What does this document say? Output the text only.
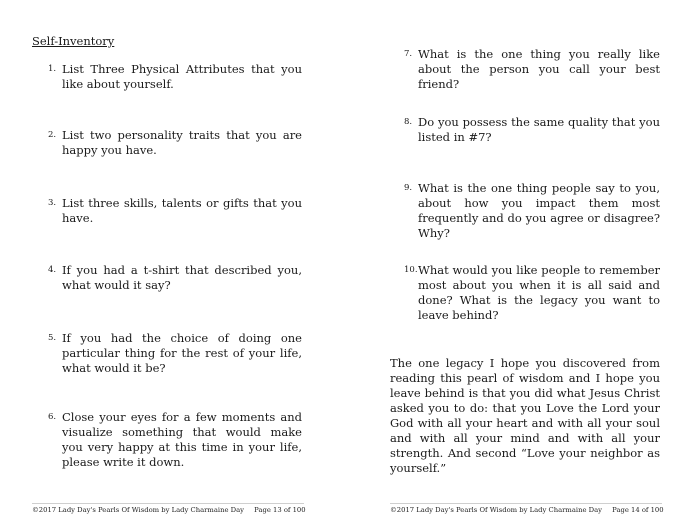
Self-Inventory
1. List Three Physical Attributes that you like about yourself.
2. List two personality traits that you are happy you have.
3. List three skills, talents or gifts that you have.
4. If you had a t-shirt that described you, what would it say?
5. If you had the choice of doing one particular thing for the rest of your life, what would it be?
6. Close your eyes for a few moments and visualize something that would make you very happy at this time in your life, please write it down.
©2017 Lady Day's Pearls Of Wisdom by Lady Charmaine Day Page 13 of 100
7. What is the one thing you really like about the person you call your best friend?
8. Do you possess the same quality that you listed in #7?
9. What is the one thing people say to you, about how you impact them most frequently and do you agree or disagree? Why?
10. What would you like people to remember most about you when it is all said and done? What is the legacy you want to leave behind?
The one legacy I hope you discovered from reading this pearl of wisdom and I hope you leave behind is that you did what Jesus Christ asked you to do: that you Love the Lord your God with all your heart and with all your soul and with all your mind and with all your strength. And second “Love your neighbor as yourself.”
©2017 Lady Day's Pearls Of Wisdom by Lady Charmaine Day Page 14 of 100
